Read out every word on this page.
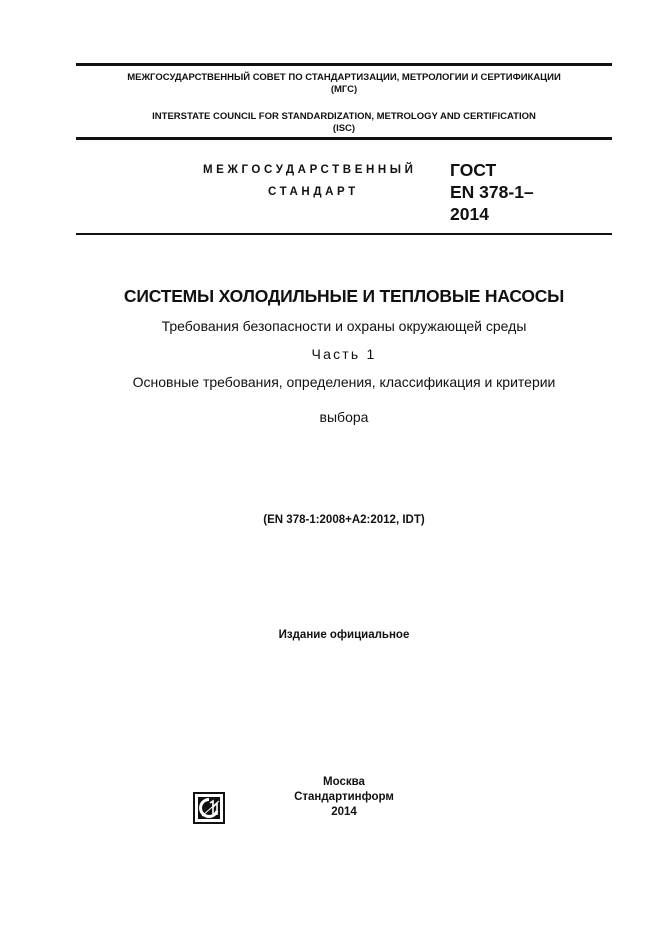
МЕЖГОСУДАРСТВЕННЫЙ СОВЕТ ПО СТАНДАРТИЗАЦИИ, МЕТРОЛОГИИ И СЕРТИФИКАЦИИ
(МГС)
INTERSTATE COUNCIL FOR STANDARDIZATION, METROLOGY AND CERTIFICATION
(ISC)
МЕЖГОСУДАРСТВЕННЫЙ
СТАНДАРТ
ГОСТ
EN 378-1–
2014
СИСТЕМЫ ХОЛОДИЛЬНЫЕ И ТЕПЛОВЫЕ НАСОСЫ
Требования безопасности и охраны окружающей среды
Часть 1
Основные требования, определения, классификация и критерии
выбора
(EN 378-1:2008+A2:2012, IDT)
Издание официальное
Москва
Стандартинформ
2014
